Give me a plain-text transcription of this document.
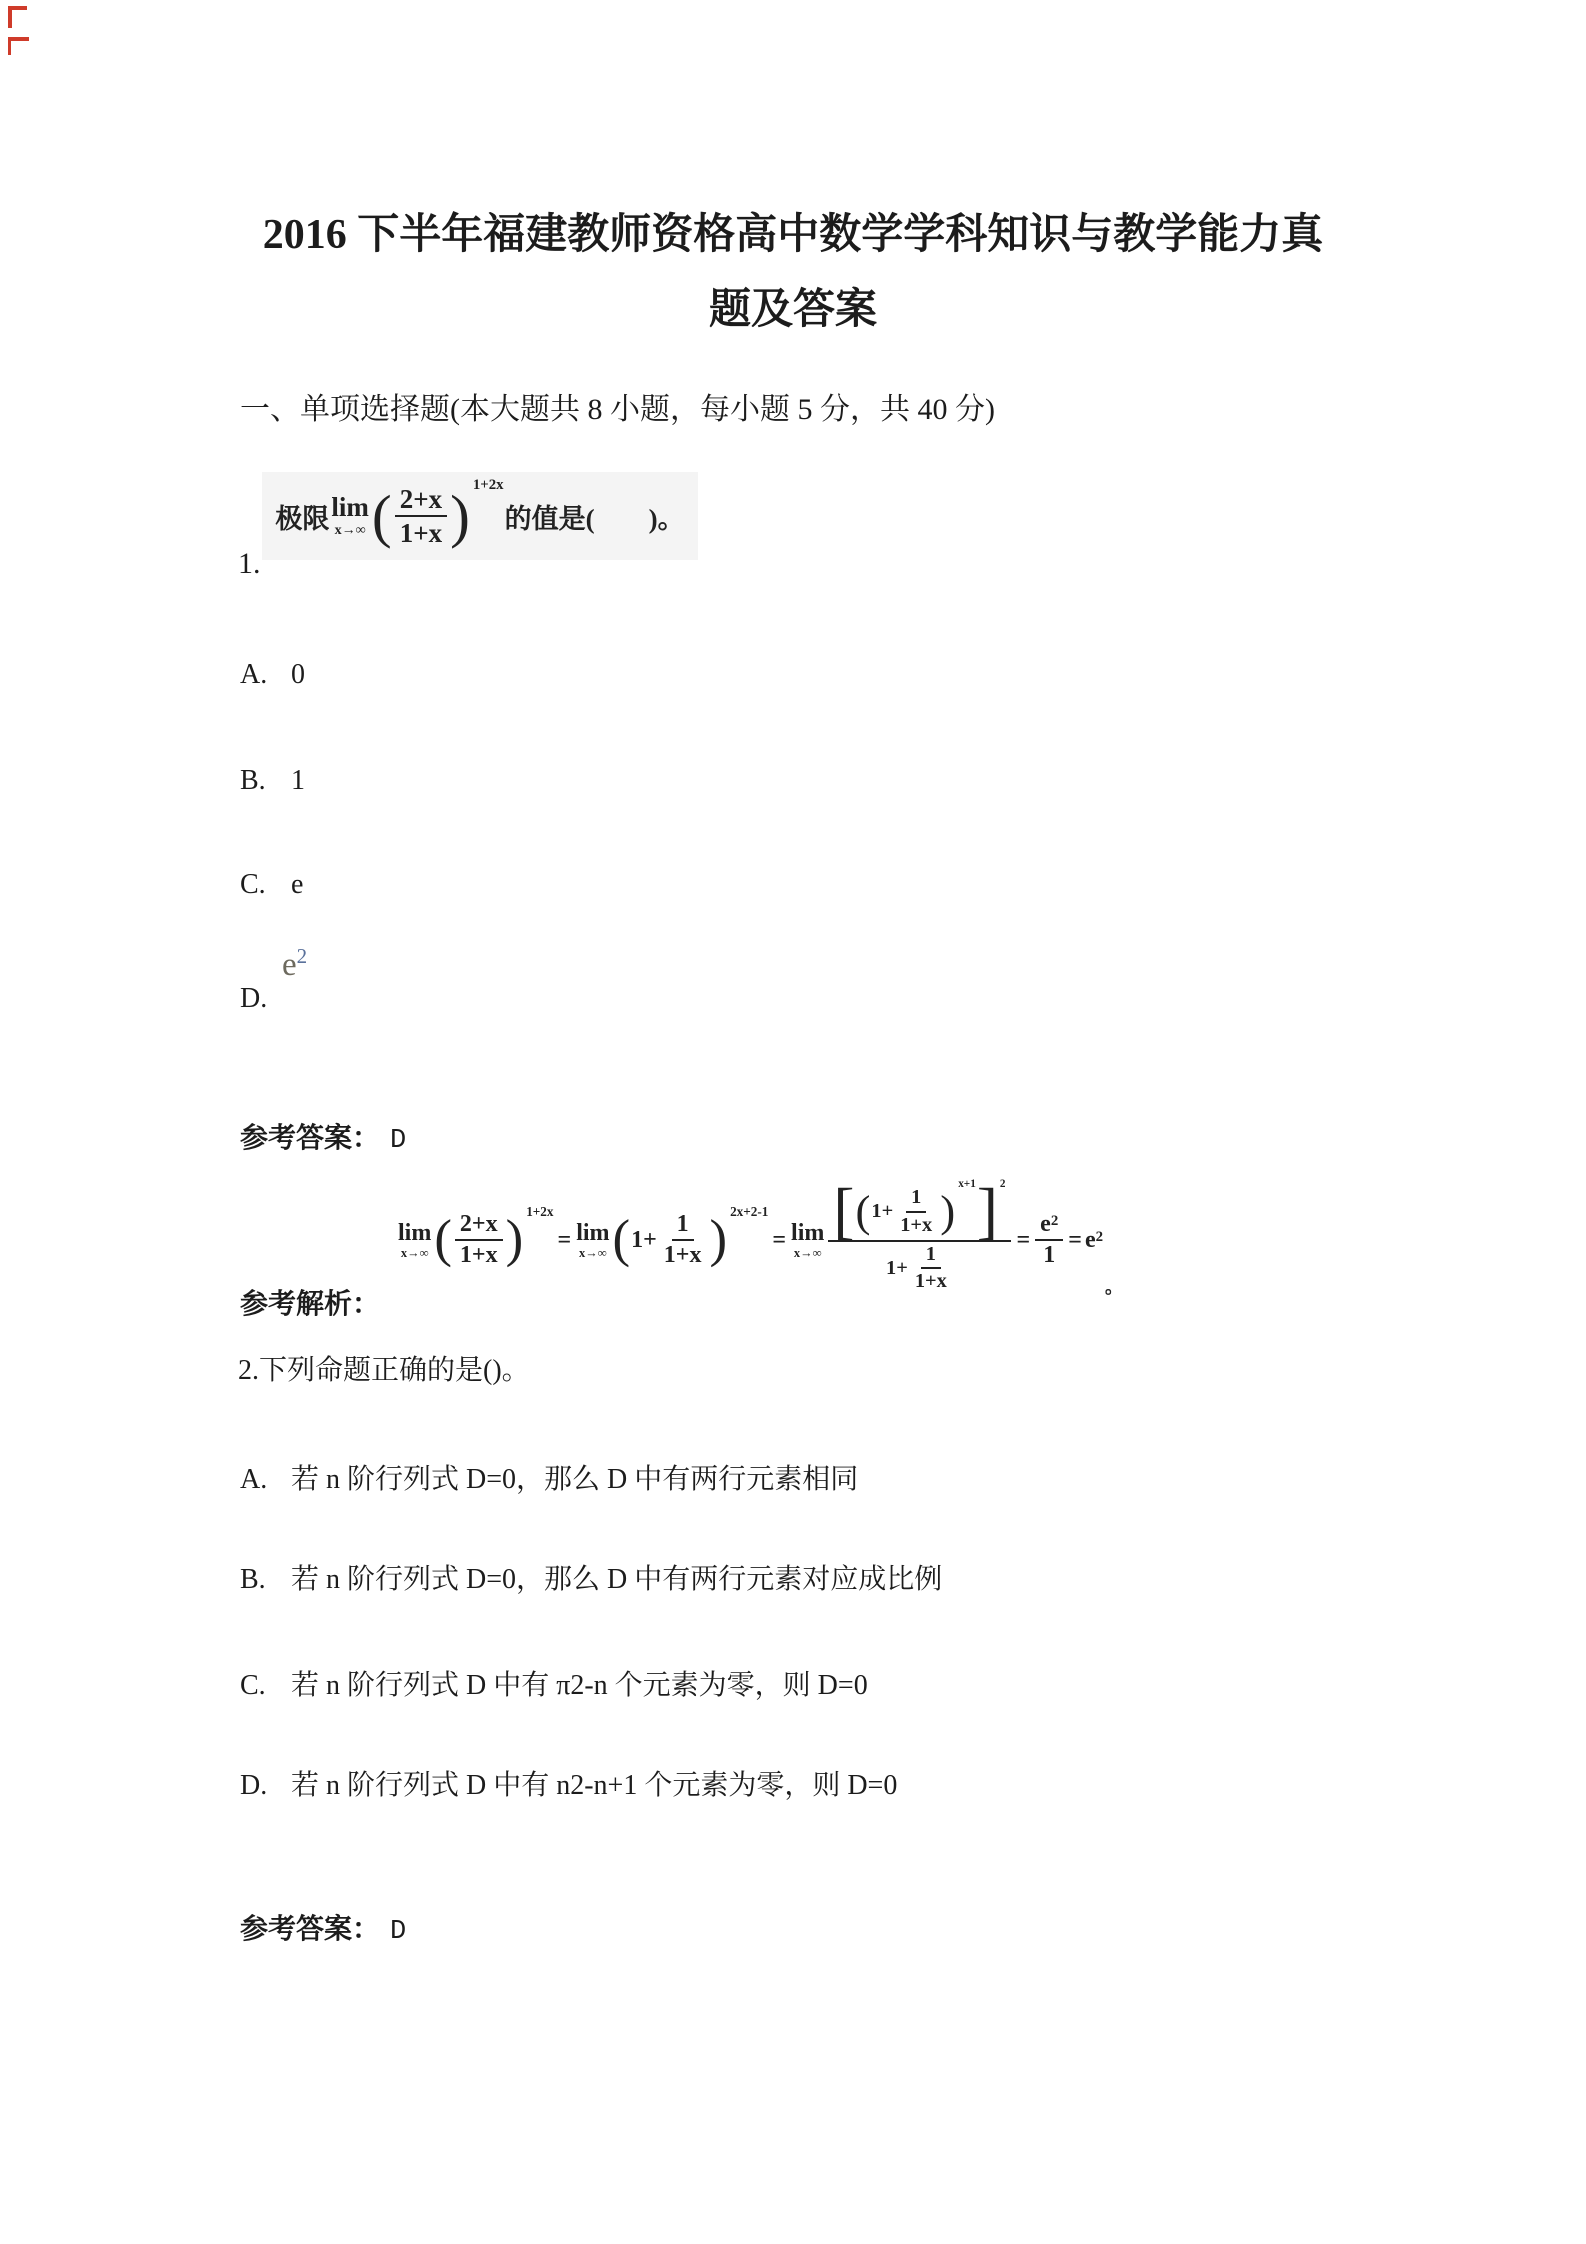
2016 下半年福建教师资格高中数学学科知识与教学能力真
题及答案
一、单项选择题(本大题共 8 小题，每小题 5 分，共 40 分)
极限 lim
x→∞ ( $\frac{2+x}{1+x}$ ) 1+2x
的值是(　　)。
1.
A. 0
B. 1
C. e
D.
$e^2$
参考答案： D
lim
x→∞ ( $\frac{2+x}{1+x}$ ) 1+2x
= lim
x→∞ ( $1+ \frac{1}{1+x}$ ) 2x+2-1
= lim
x→∞
[ ( $1+ \frac{1}{1+x}$ )
x+1 ] 2
$1+ \frac{1}{1+x}$
= $\frac{e^2}{1} = e^2$
。
参考解析：
2.下列命题正确的是()。
A. 若 n 阶行列式 D=0，那么 D 中有两行元素相同
B. 若 n 阶行列式 D=0，那么 D 中有两行元素对应成比例
C. 若 n 阶行列式 D 中有 π2-n 个元素为零，则 D=0
D. 若 n 阶行列式 D 中有 n2-n+1 个元素为零，则 D=0
参考答案： D
